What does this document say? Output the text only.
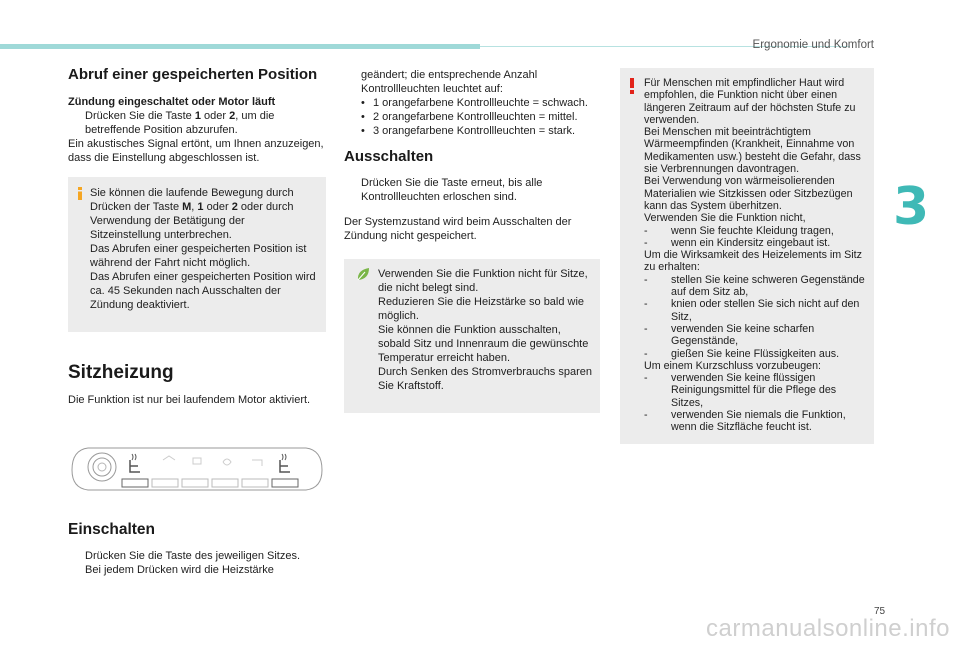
Ergonomie und Komfort
3
Abruf einer gespeicherten Position

Zündung eingeschaltet oder Motor läuft

Drücken Sie die Taste 1 oder 2, um die betreffende Position abzurufen.

Ein akustisches Signal ertönt, um Ihnen anzuzeigen, dass die Einstellung abgeschlossen ist.

Sie können die laufende Bewegung durch Drücken der Taste M, 1 oder 2 oder durch Verwendung der Betätigung der Sitzeinstellung unterbrechen.

Das Abrufen einer gespeicherten Position ist während der Fahrt nicht möglich.

Das Abrufen einer gespeicherten Position wird ca. 45 Sekunden nach Ausschalten der Zündung deaktiviert.

Sitzheizung

Die Funktion ist nur bei laufendem Motor aktiviert.

Einschalten
Drücken Sie die Taste des jeweiligen Sitzes.
Bei jedem Drücken wird die Heizstärke

geändert; die entsprechende Anzahl Kontrollleuchten leuchtet auf:

• 1 orangefarbene Kontrollleuchte = schwach.
• 2 orangefarbene Kontrollleuchten = mittel.
• 3 orangefarbene Kontrollleuchten = stark.
Ausschalten
Drücken Sie die Taste erneut, bis alle Kontrollleuchten erloschen sind.

Der Systemzustand wird beim Ausschalten der Zündung nicht gespeichert.

Verwenden Sie die Funktion nicht für Sitze, die nicht belegt sind.

Reduzieren Sie die Heizstärke so bald wie möglich.

Sie können die Funktion ausschalten, sobald Sitz und Innenraum die gewünschte Temperatur erreicht haben.

Durch Senken des Stromverbrauchs sparen Sie Kraftstoff.

Für Menschen mit empfindlicher Haut wird empfohlen, die Funktion nicht über einen längeren Zeitraum auf der höchsten Stufe zu verwenden.

Bei Menschen mit beeinträchtigtem Wärmeempfinden (Krankheit, Einnahme von Medikamenten usw.) besteht die Gefahr, dass sie Verbrennungen davontragen.

Bei Verwendung von wärmeisolierenden Materialien wie Sitzkissen oder Sitzbezügen kann das System überhitzen.

Verwenden Sie die Funktion nicht,

- wenn Sie feuchte Kleidung tragen,
- wenn ein Kindersitz eingebaut ist.

Um die Wirksamkeit des Heizelements im Sitz zu erhalten:

- stellen Sie keine schweren Gegenstände auf dem Sitz ab,
- knien oder stellen Sie sich nicht auf den Sitz,
- verwenden Sie keine scharfen Gegenstände,
- gießen Sie keine Flüssigkeiten aus.

Um einem Kurzschluss vorzubeugen:

- verwenden Sie keine flüssigen Reinigungsmittel für die Pflege des Sitzes,
- verwenden Sie niemals die Funktion, wenn die Sitzfläche feucht ist.
75
carmanualsonline.info
